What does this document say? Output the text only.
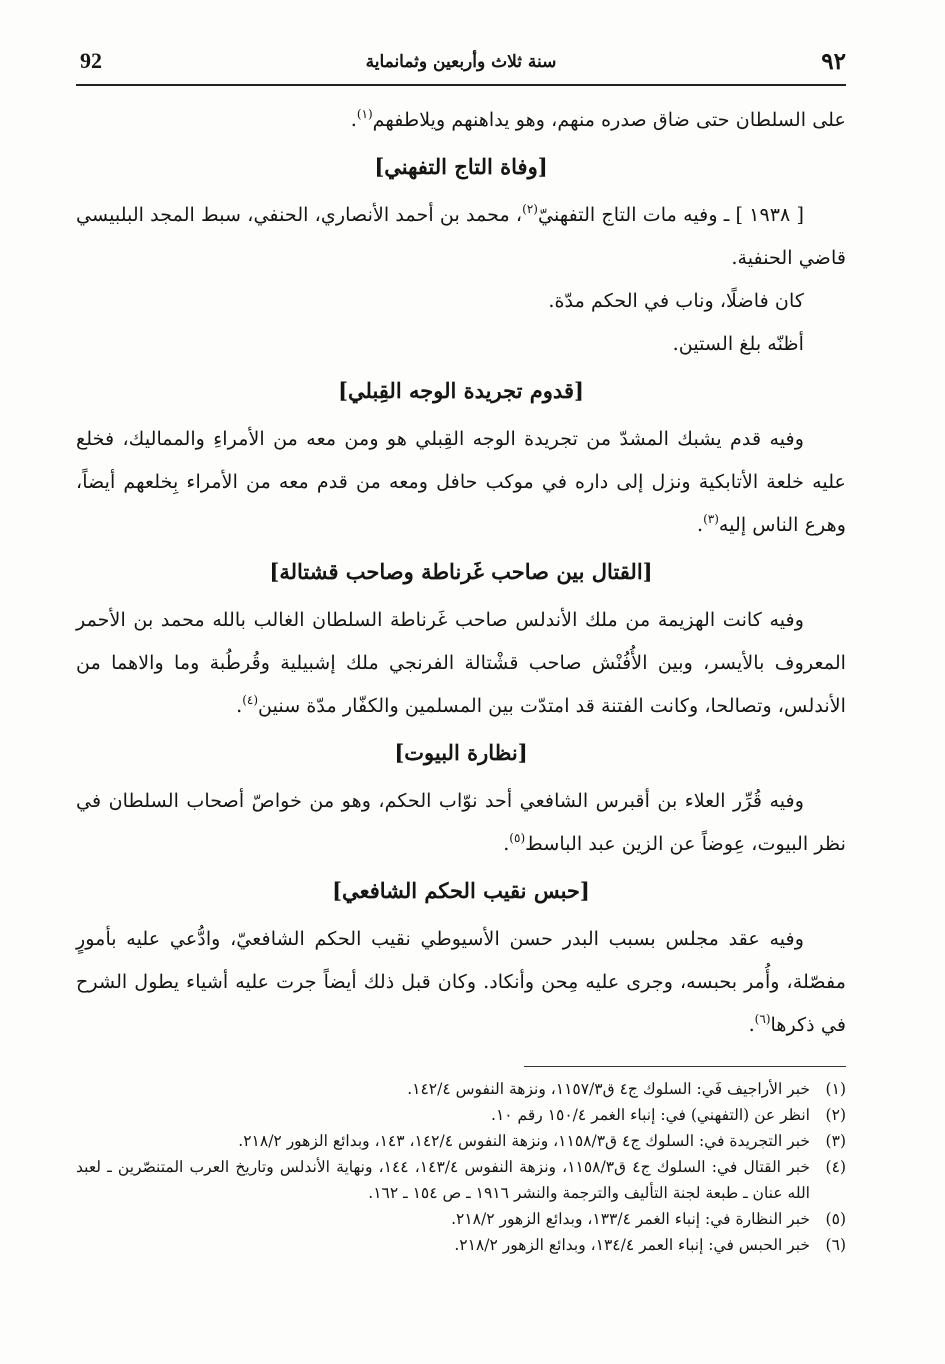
92	سنة ثلاث وأربعين وثمانماية	٩٢

على السلطان حتى ضاق صدره منهم، وهو يداهنهم ويلاطفهم$^{(١)}$.

[وفاة التاج التفهني]

[ ١٩٣٨ ] ـ وفيه مات التاج التفهنيّ$^{(٢)}$، محمد بن أحمد الأنصاري، الحنفي، سبط المجد البلبيسي قاضي الحنفية.

كان فاضلًا، وناب في الحكم مدّة.

أظنّه بلغ الستين.

[قدوم تجريدة الوجه القِبلي]

وفيه قدم يشبك المشدّ من تجريدة الوجه القِبلي هو ومن معه من الأمراءِ والمماليك، فخلع عليه خلعة الأتابكية ونزل إلى داره في موكب حافل ومعه من قدم معه من الأمراء بِخلعهم أيضاً، وهرع الناس إليه$^{(٣)}$.

[القتال بين صاحب غَرناطة وصاحب قشتالة]

وفيه كانت الهزيمة من ملك الأندلس صاحب غَرناطة السلطان الغالب بالله محمد بن الأحمر المعروف بالأيسر، وبين الأُفُنْش صاحب قشْتالة الفرنجي ملك إشبيلية وقُرطُبة وما والاهما من الأندلس، وتصالحا، وكانت الفتنة قد امتدّت بين المسلمين والكفّار مدّة سنين$^{(٤)}$.

[نظارة البيوت]

وفيه قُرِّر العلاء بن أقبرس الشافعي أحد نوّاب الحكم، وهو من خواصّ أصحاب السلطان في نظر البيوت، عِوضاً عن الزين عبد الباسط$^{(٥)}$.

[حبس نقيب الحكم الشافعي]

وفيه عقد مجلس بسبب البدر حسن الأسيوطي نقيب الحكم الشافعيّ، وادُّعي عليه بأمورٍ مفصّلة، وأُمر بحبسه، وجرى عليه مِحن وأنكاد. وكان قبل ذلك أيضاً جرت عليه أشياء يطول الشرح في ذكرها$^{(٦)}$.

(١)
خبر الأراجيف فَي: السلوك ج٤ ق١١٥٧/٣، ونزهة النفوس ١٤٢/٤.
(٢)
انظر عن (التفهني) في: إنباء الغمر ١٥٠/٤ رقم ١٠.
(٣)
خبر التجريدة في: السلوك ج٤ ق١١٥٨/٣، ونزهة النفوس ١٤٢/٤، ١٤٣، وبدائع الزهور ٢١٨/٢.
(٤)
خبر القتال في: السلوك ج٤ ق١١٥٨/٣، ونزهة النفوس ١٤٣/٤، ١٤٤، ونهاية الأندلس وتاريخ العرب المتنصّرين ـ لعبد الله عنان ـ طبعة لجنة التأليف والترجمة والنشر ١٩١٦ ـ ص ١٥٤ ـ ١٦٢.
(٥)
خبر النظارة في: إنباء الغمر ١٣٣/٤، وبدائع الزهور ٢١٨/٢.
(٦)
خبر الحبس في: إنباء العمر ١٣٤/٤، وبدائع الزهور ٢١٨/٢.
